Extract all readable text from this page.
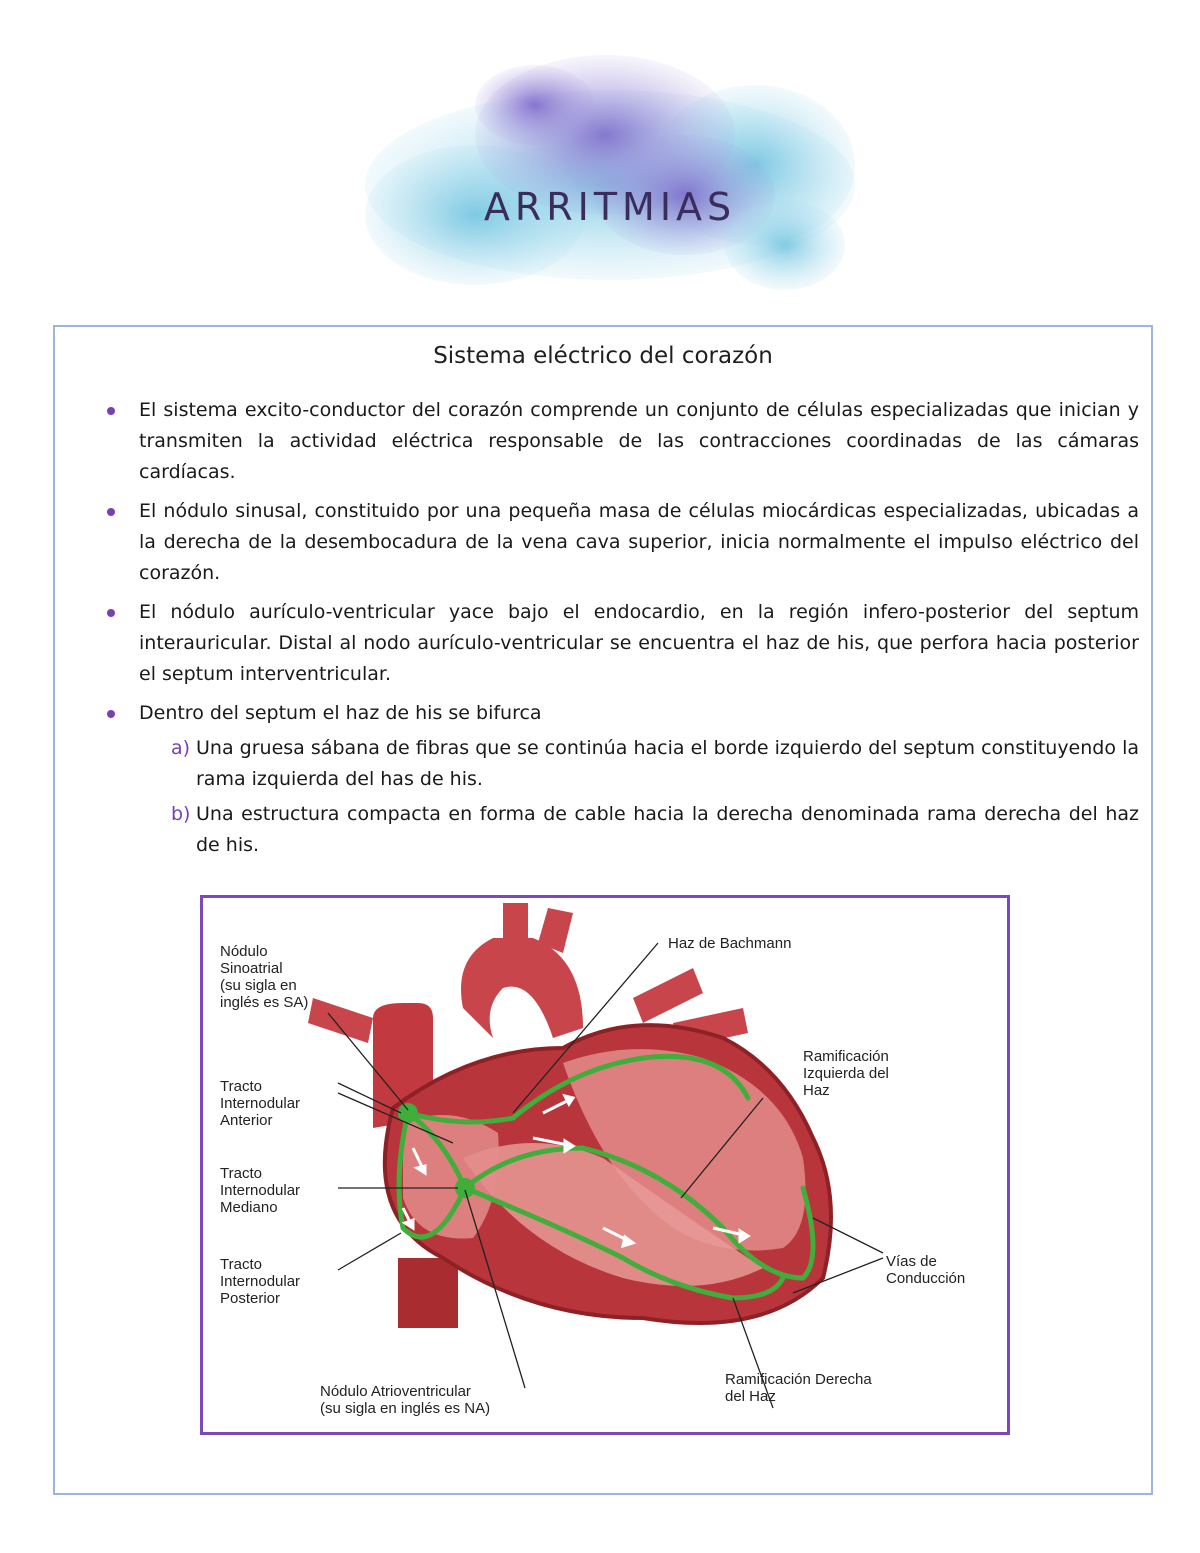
ARRITMIAS
Sistema eléctrico del corazón
El sistema excito-conductor del corazón comprende un conjunto de células especializadas que inician y transmiten la actividad eléctrica responsable de las contracciones coordinadas de las cámaras cardíacas.
El nódulo sinusal, constituido por una pequeña masa de células miocárdicas especializadas, ubicadas a la derecha de la desembocadura de la vena cava superior, inicia normalmente el impulso eléctrico del corazón.
El nódulo aurículo-ventricular yace bajo el endocardio, en la región infero-posterior del septum interauricular. Distal al nodo aurículo-ventricular se encuentra el haz de his, que perfora hacia posterior el septum interventricular.
Dentro del septum el haz de his se bifurca
a) Una gruesa sábana de fibras que se continúa hacia el borde izquierdo del septum constituyendo la rama izquierda del has de his.
b) Una estructura compacta en forma de cable hacia la derecha denominada rama derecha del haz de his.
Nódulo
Sinoatrial
(su sigla en
inglés es SA)
Tracto
Internodular
Anterior
Tracto
Internodular
Mediano
Tracto
Internodular
Posterior
Nódulo Atrioventricular
(su sigla en inglés es NA)
Haz de Bachmann
Ramificación
Izquierda del
Haz
Vías de
Conducción
Ramificación Derecha
del Haz
